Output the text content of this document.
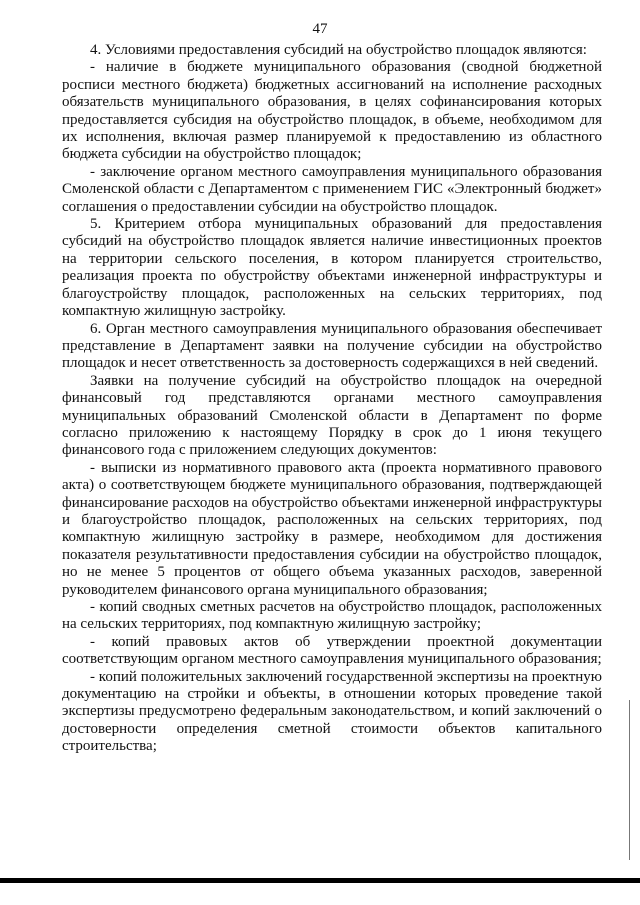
47

4. Условиями предоставления субсидий на обустройство площадок являются:

- наличие в бюджете муниципального образования (сводной бюджетной росписи местного бюджета) бюджетных ассигнований на исполнение расходных обязательств муниципального образования, в целях софинансирования которых предоставляется субсидия на обустройство площадок, в объеме, необходимом для их исполнения, включая размер планируемой к предоставлению из областного бюджета субсидии на обустройство площадок;

- заключение органом местного самоуправления муниципального образования Смоленской области с Департаментом с применением ГИС «Электронный бюджет» соглашения о предоставлении субсидии на обустройство площадок.

5. Критерием отбора муниципальных образований для предоставления субсидий на обустройство площадок является наличие инвестиционных проектов на территории сельского поселения, в котором планируется строительство, реализация проекта по обустройству объектами инженерной инфраструктуры и благоустройству площадок, расположенных на сельских территориях, под компактную жилищную застройку.

6. Орган местного самоуправления муниципального образования обеспечивает представление в Департамент заявки на получение субсидии на обустройство площадок и несет ответственность за достоверность содержащихся в ней сведений.

Заявки на получение субсидий на обустройство площадок на очередной финансовый год представляются органами местного самоуправления муниципальных образований Смоленской области в Департамент по форме согласно приложению к настоящему Порядку в срок до 1 июня текущего финансового года с приложением следующих документов:

- выписки из нормативного правового акта (проекта нормативного правового акта) о соответствующем бюджете муниципального образования, подтверждающей финансирование расходов на обустройство объектами инженерной инфраструктуры и благоустройство площадок, расположенных на сельских территориях, под компактную жилищную застройку в размере, необходимом для достижения показателя результативности предоставления субсидии на обустройство площадок, но не менее 5 процентов от общего объема указанных расходов, заверенной руководителем финансового органа муниципального образования;

- копий сводных сметных расчетов на обустройство площадок, расположенных на сельских территориях, под компактную жилищную застройку;

- копий правовых актов об утверждении проектной документации соответствующим органом местного самоуправления муниципального образования;

- копий положительных заключений государственной экспертизы на проектную документацию на стройки и объекты, в отношении которых проведение такой экспертизы предусмотрено федеральным законодательством, и копий заключений о достоверности определения сметной стоимости объектов капитального строительства;
